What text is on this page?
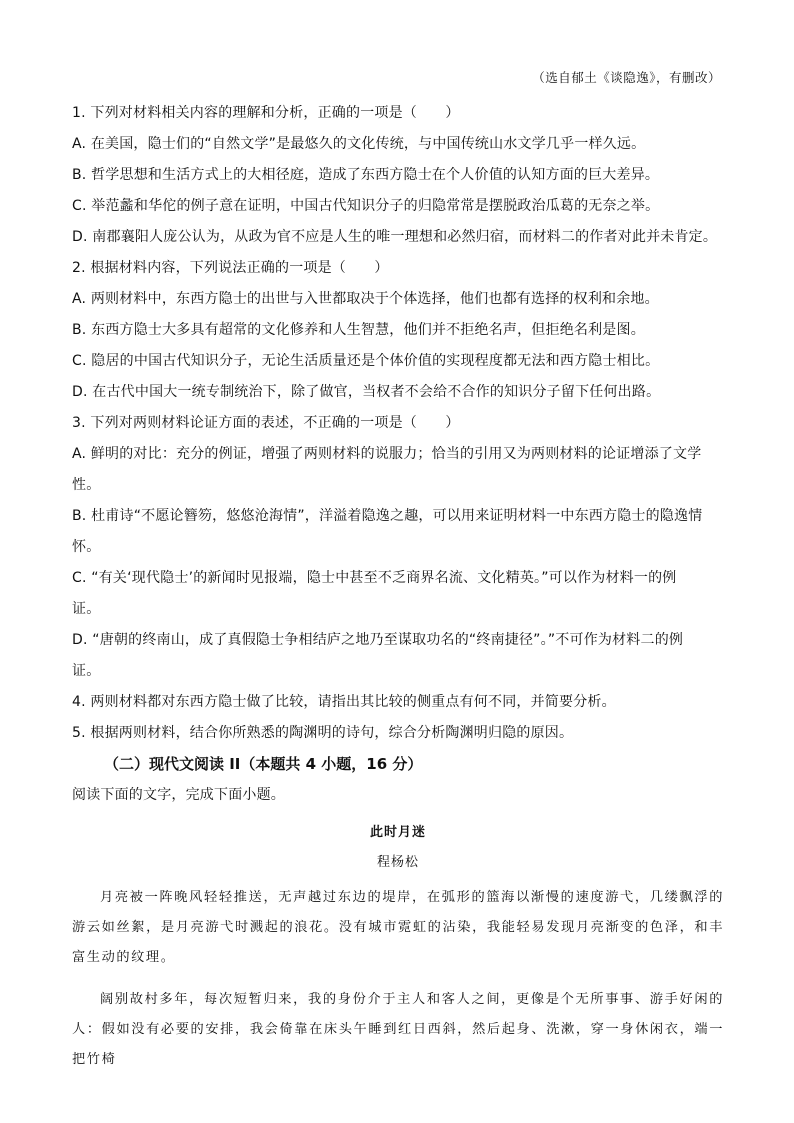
（选自郁土《谈隐逸》，有删改）
1. 下列对材料相关内容的理解和分析，正确的一项是（　　）
A. 在美国，隐士们的“自然文学”是最悠久的文化传统，与中国传统山水文学几乎一样久远。
B. 哲学思想和生活方式上的大相径庭，造成了东西方隐士在个人价值的认知方面的巨大差异。
C. 举范蠡和华佗的例子意在证明，中国古代知识分子的归隐常常是摆脱政治瓜葛的无奈之举。
D. 南郡襄阳人庞公认为，从政为官不应是人生的唯一理想和必然归宿，而材料二的作者对此并未肯定。
2. 根据材料内容，下列说法正确的一项是（　　）
A. 两则材料中，东西方隐士的出世与入世都取决于个体选择，他们也都有选择的权利和余地。
B. 东西方隐士大多具有超常的文化修养和人生智慧，他们并不拒绝名声，但拒绝名利是图。
C. 隐居的中国古代知识分子，无论生活质量还是个体价值的实现程度都无法和西方隐士相比。
D. 在古代中国大一统专制统治下，除了做官，当权者不会给不合作的知识分子留下任何出路。
3. 下列对两则材料论证方面的表述，不正确的一项是（　　）
A. 鲜明的对比：充分的例证，增强了两则材料的说服力；恰当的引用又为两则材料的论证增添了文学
性。
B. 杜甫诗“不愿论簪笏，悠悠沧海情”，洋溢着隐逸之趣，可以用来证明材料一中东西方隐士的隐逸情
怀。
C. “有关‘现代隐士’的新闻时见报端，隐士中甚至不乏商界名流、文化精英。”可以作为材料一的例
证。
D. “唐朝的终南山，成了真假隐士争相结庐之地乃至谋取功名的“终南捷径”。”不可作为材料二的例
证。
4. 两则材料都对东西方隐士做了比较，请指出其比较的侧重点有何不同，并简要分析。
5. 根据两则材料，结合你所熟悉的陶渊明的诗句，综合分析陶渊明归隐的原因。
（二）现代文阅读 II（本题共 4 小题，16 分）
阅读下面的文字，完成下面小题。
此时月迷
程杨松
月亮被一阵晚风轻轻推送，无声越过东边的堤岸，在弧形的篮海以渐慢的速度游弋，几缕飘浮的游云如丝絮，是月亮游弋时溅起的浪花。没有城市霓虹的沾染，我能轻易发现月亮渐变的色泽，和丰富生动的纹理。
阔别故村多年，每次短暂归来，我的身份介于主人和客人之间，更像是个无所事事、游手好闲的人：假如没有必要的安排，我会倚靠在床头午睡到红日西斜，然后起身、洗漱，穿一身休闲衣，端一把竹椅
